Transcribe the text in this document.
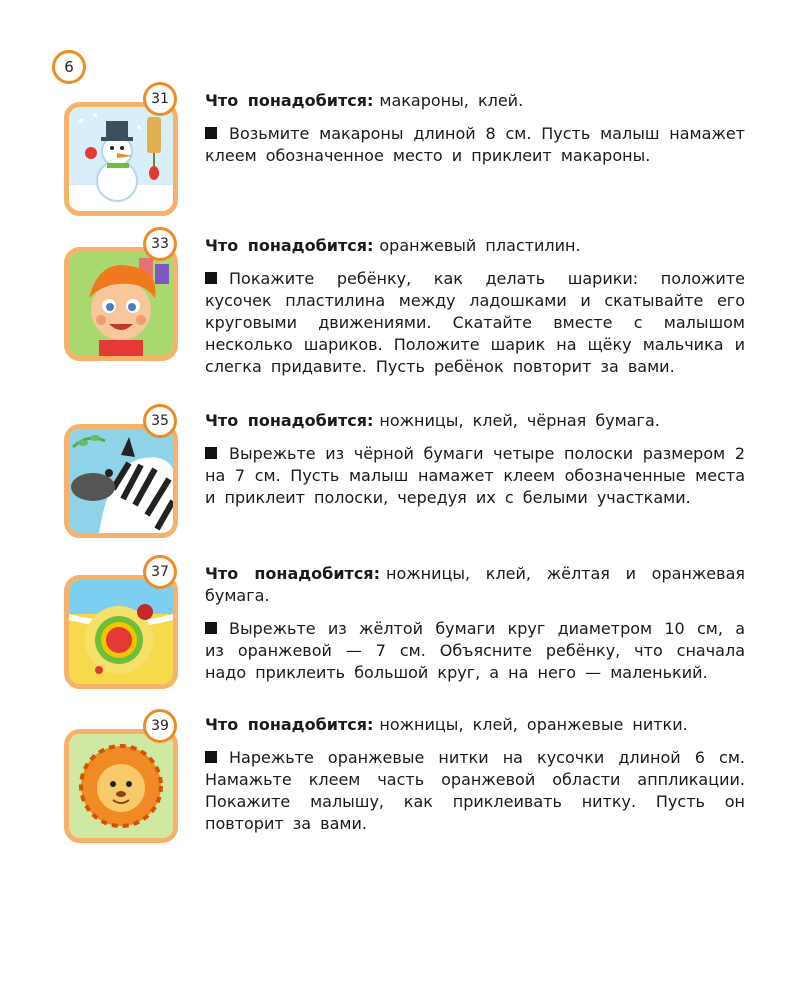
6
31	Что понадобится: макароны, клей.

Возьмите макароны длиной 8 см. Пусть малыш намажет клеем обозначенное место и приклеит макароны.

33	Что понадобится: оранжевый пластилин.

Покажите ребёнку, как делать шарики: положите кусочек пластилина между ладошками и скатывайте его круговыми движениями. Скатайте вместе с малышом несколько шариков. Положите шарик на щёку мальчика и слегка придавите. Пусть ребёнок повторит за вами.

35	Что понадобится: ножницы, клей, чёрная бумага.

Вырежьте из чёрной бумаги четыре полоски размером 2 на 7 см. Пусть малыш намажет клеем обозначенные места и приклеит полоски, чередуя их с белыми участками.

37	Что понадобится: ножницы, клей, жёлтая и оранжевая бумага.

Вырежьте из жёлтой бумаги круг диаметром 10 см, а из оранжевой — 7 см. Объясните ребёнку, что сначала надо приклеить большой круг, а на него — маленький.

39	Что понадобится: ножницы, клей, оранжевые нитки.

Нарежьте оранжевые нитки на кусочки длиной 6 см. Намажьте клеем часть оранжевой области аппликации. Покажите малышу, как приклеивать нитку. Пусть он повторит за вами.
